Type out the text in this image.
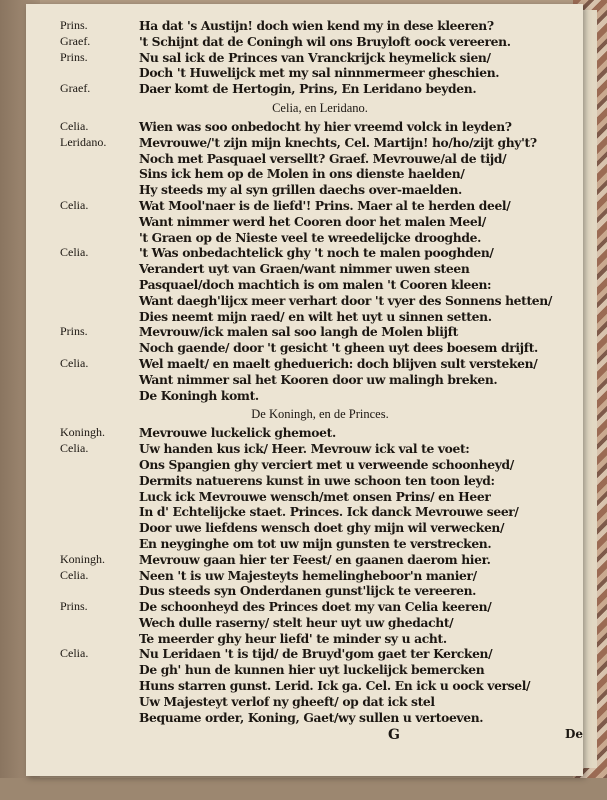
Prins.	Ha dat 's Austijn! doch wien kend my in dese kleeren?
Graef.	't Schijnt dat de Coningh wil ons Bruyloft oock vereeren.
Prins.	Nu sal ick de Princes van Vranckrijck heymelick sien/
Doch 't Huwelijck met my sal ninnmermeer gheschien.
Graef.	Daer komt de Hertogin, Prins, En Leridano beyden.
Celia, en Leridano.
Celia.	Wien was soo onbedocht hy hier vreemd volck in leyden?
Leridano.	Mevrouwe/'t zijn mijn knechts, Cel. Martijn! ho/ho/zijt ghy't?
Noch met Pasquael versellt? Graef. Mevrouwe/al de tijd/
Sins ick hem op de Molen in ons dienste haelden/
Hy steeds my al syn grillen daechs over-maelden.
Celia.	Wat Mool'naer is de liefd'! Prins. Maer al te herden deel/
Want nimmer werd het Cooren door het malen Meel/
't Graen op de Nieste veel te wreedelijcke drooghde.
Celia.	't Was onbedachtelick ghy 't noch te malen pooghden/
Verandert uyt van Graen/want nimmer uwen steen
Pasquael/doch machtich is om malen 't Cooren kleen:
Want daegh'lijcx meer verhart door 't vyer des Sonnens hetten/
Dies neemt mijn raed/ en wilt het uyt u sinnen setten.
Prins.	Mevrouw/ick malen sal soo langh de Molen blijft
Noch gaende/ door 't gesicht 't gheen uyt dees boesem drijft.
Celia.	Wel maelt/ en maelt gheduerich: doch blijven sult versteken/
Want nimmer sal het Kooren door uw malingh breken.
De Koningh komt.
De Koningh, en de Princes.
Koningh.	Mevrouwe luckelick ghemoet.
Celia.	Uw handen kus ick/ Heer. Mevrouw ick val te voet:
Ons Spangien ghy verciert met u verweende schoonheyd/
Dermits natuerens kunst in uwe schoon ten toon leyd:
Luck ick Mevrouwe wensch/met onsen Prins/ en Heer
In d' Echtelijcke staet. Princes. Ick danck Mevrouwe seer/
Door uwe liefdens wensch doet ghy mijn wil verwecken/
En neyginghe om tot uw mijn gunsten te verstrecken.
Koningh.	Mevrouw gaan hier ter Feest/ en gaanen daerom hier.
Celia.	Neen 't is uw Majesteyts hemelingheboor'n manier/
Dus steeds syn Onderdanen gunst'lijck te vereeren.
Prins.	De schoonheyd des Princes doet my van Celia keeren/
Wech dulle raserny/ stelt heur uyt uw ghedacht/
Te meerder ghy heur liefd' te minder sy u acht.
Celia.	Nu Leridaen 't is tijd/ de Bruyd'gom gaet ter Kercken/
De gh' hun de kunnen hier uyt luckelijck bemercken
Huns starren gunst. Lerid. Ick ga. Cel. En ick u oock versel/
Uw Majesteyt verlof ny gheeft/ op dat ick stel
Bequame order, Koning, Gaet/wy sullen u vertoeven.
G	De
